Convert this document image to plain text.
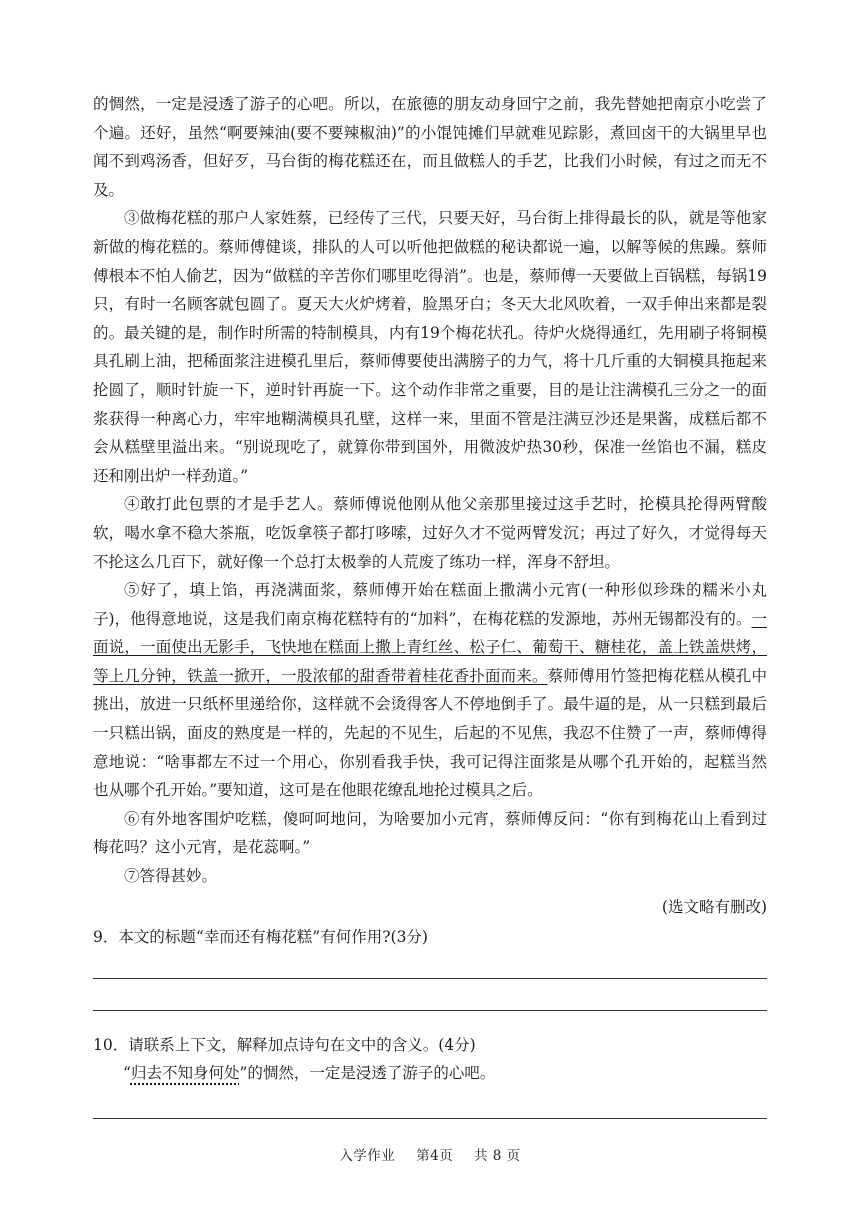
的惆然，一定是浸透了游子的心吧。所以，在旅德的朋友动身回宁之前，我先替她把南京小吃尝了个遍。还好，虽然“啊要辣油(要不要辣椒油)”的小馄饨摊们早就难见踪影，煮回卤干的大锅里早也闻不到鸡汤香，但好歹，马台街的梅花糕还在，而且做糕人的手艺，比我们小时候，有过之而无不及。

③做梅花糕的那户人家姓蔡，已经传了三代，只要天好，马台街上排得最长的队，就是等他家新做的梅花糕的。蔡师傅健谈，排队的人可以听他把做糕的秘诀都说一遍，以解等候的焦躁。蔡师傅根本不怕人偷艺，因为“做糕的辛苦你们哪里吃得消”。也是，蔡师傅一天要做上百锅糕，每锅19只，有时一名顾客就包圆了。夏天大火炉烤着，脸黑牙白；冬天大北风吹着，一双手伸出来都是裂的。最关键的是，制作时所需的特制模具，内有19个梅花状孔。待炉火烧得通红，先用刷子将铜模具孔刷上油，把稀面浆注进模孔里后，蔡师傅要使出满膀子的力气，将十几斤重的大铜模具拖起来抡圆了，顺时针旋一下，逆时针再旋一下。这个动作非常之重要，目的是让注满模孔三分之一的面浆获得一种离心力，牢牢地糊满模具孔壁，这样一来，里面不管是注满豆沙还是果酱，成糕后都不会从糕壁里溢出来。“别说现吃了，就算你带到国外，用微波炉热30秒，保准一丝馅也不漏，糕皮还和刚出炉一样劲道。”

④敢打此包票的才是手艺人。蔡师傅说他刚从他父亲那里接过这手艺时，抡模具抡得两臂酸软，喝水拿不稳大茶瓶，吃饭拿筷子都打哆嗦，过好久才不觉两臂发沉；再过了好久，才觉得每天不抡这么几百下，就好像一个总打太极拳的人荒废了练功一样，浑身不舒坦。

⑤好了，填上馅，再浇满面浆，蔡师傅开始在糕面上撒满小元宵(一种形似珍珠的糯米小丸子)，他得意地说，这是我们南京梅花糕特有的“加料”，在梅花糕的发源地，苏州无锡都没有的。一面说，一面使出无影手，飞快地在糕面上撒上青红丝、松子仁、葡萄干、糖桂花，盖上铁盖烘烤，等上几分钟，铁盖一掀开，一股浓郁的甜香带着桂花香扑面而来。蔡师傅用竹签把梅花糕从模孔中挑出，放进一只纸杯里递给你，这样就不会烫得客人不停地倒手了。最牛逼的是，从一只糕到最后一只糕出锅，面皮的熟度是一样的，先起的不见生，后起的不见焦，我忍不住赞了一声，蔡师傅得意地说：“啥事都左不过一个用心，你别看我手快，我可记得注面浆是从哪个孔开始的，起糕当然也从哪个孔开始。”要知道，这可是在他眼花缭乱地抡过模具之后。

⑥有外地客围炉吃糕，傻呵呵地问，为啥要加小元宵，蔡师傅反问：“你有到梅花山上看到过梅花吗？这小元宵，是花蕊啊。”

⑦答得甚妙。

(选文略有删改)

9．本文的标题“幸而还有梅花糕”有何作用?(3分)

10．请联系上下文，解释加点诗句在文中的含义。(4分)

“归去不知身何处”的惆然，一定是浸透了游子的心吧。

入学作业 第4页 共 8 页
